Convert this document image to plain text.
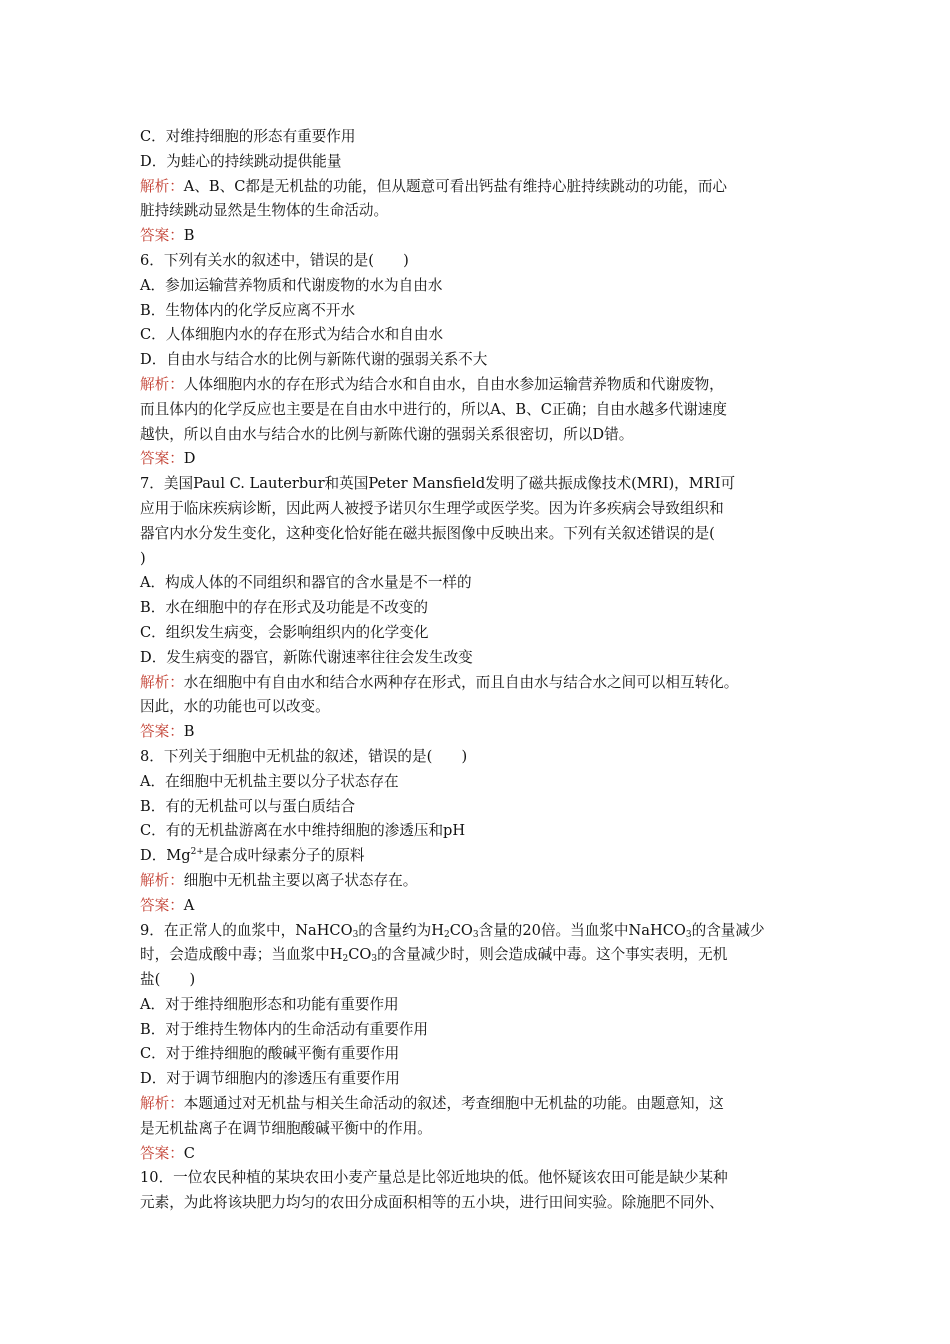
C．对维持细胞的形态有重要作用
D．为蛙心的持续跳动提供能量
解析：A、B、C都是无机盐的功能，但从题意可看出钙盐有维持心脏持续跳动的功能，而心
脏持续跳动显然是生物体的生命活动。
答案：B
6．下列有关水的叙述中，错误的是(　　)
A．参加运输营养物质和代谢废物的水为自由水
B．生物体内的化学反应离不开水
C．人体细胞内水的存在形式为结合水和自由水
D．自由水与结合水的比例与新陈代谢的强弱关系不大
解析：人体细胞内水的存在形式为结合水和自由水，自由水参加运输营养物质和代谢废物，
而且体内的化学反应也主要是在自由水中进行的，所以A、B、C正确；自由水越多代谢速度
越快，所以自由水与结合水的比例与新陈代谢的强弱关系很密切，所以D错。
答案：D
7．美国Paul C. Lauterbur和英国Peter Mansfield发明了磁共振成像技术(MRI)，MRI可
应用于临床疾病诊断，因此两人被授予诺贝尔生理学或医学奖。因为许多疾病会导致组织和
器官内水分发生变化，这种变化恰好能在磁共振图像中反映出来。下列有关叙述错误的是(
)
A．构成人体的不同组织和器官的含水量是不一样的
B．水在细胞中的存在形式及功能是不改变的
C．组织发生病变，会影响组织内的化学变化
D．发生病变的器官，新陈代谢速率往往会发生改变
解析：水在细胞中有自由水和结合水两种存在形式，而且自由水与结合水之间可以相互转化。
因此，水的功能也可以改变。
答案：B
8．下列关于细胞中无机盐的叙述，错误的是(　　)
A．在细胞中无机盐主要以分子状态存在
B．有的无机盐可以与蛋白质结合
C．有的无机盐游离在水中维持细胞的渗透压和pH
D．$Mg^{2+}$是合成叶绿素分子的原料
解析：细胞中无机盐主要以离子状态存在。
答案：A
9．在正常人的血浆中，NaHCO$_3$的含量约为$H_2CO_3$含量的20倍。当血浆中NaHCO$_3$的含量减少
时，会造成酸中毒；当血浆中$H_2CO_3$的含量减少时，则会造成碱中毒。这个事实表明，无机
盐(　　)
A．对于维持细胞形态和功能有重要作用
B．对于维持生物体内的生命活动有重要作用
C．对于维持细胞的酸碱平衡有重要作用
D．对于调节细胞内的渗透压有重要作用
解析：本题通过对无机盐与相关生命活动的叙述，考查细胞中无机盐的功能。由题意知，这
是无机盐离子在调节细胞酸碱平衡中的作用。
答案：C
10．一位农民种植的某块农田小麦产量总是比邻近地块的低。他怀疑该农田可能是缺少某种
元素，为此将该块肥力均匀的农田分成面积相等的五小块，进行田间实验。除施肥不同外、
